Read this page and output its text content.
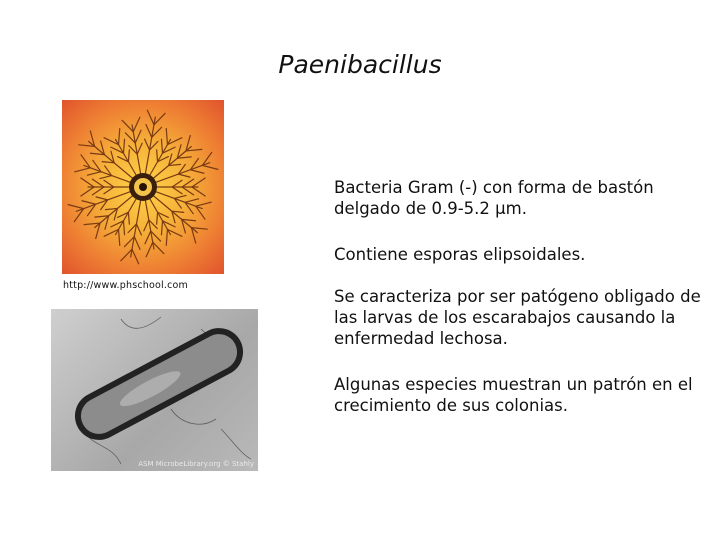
Paenibacillus
http://www.phschool.com
ASM MicrobeLibrary.org © Stahly

Bacteria Gram (-) con forma de bastón delgado de 0.9-5.2 µm.

Contiene esporas elipsoidales.

Se caracteriza por ser patógeno obligado de las larvas de los escarabajos causando la enfermedad lechosa.

Algunas especies muestran un patrón en el crecimiento de sus colonias.
